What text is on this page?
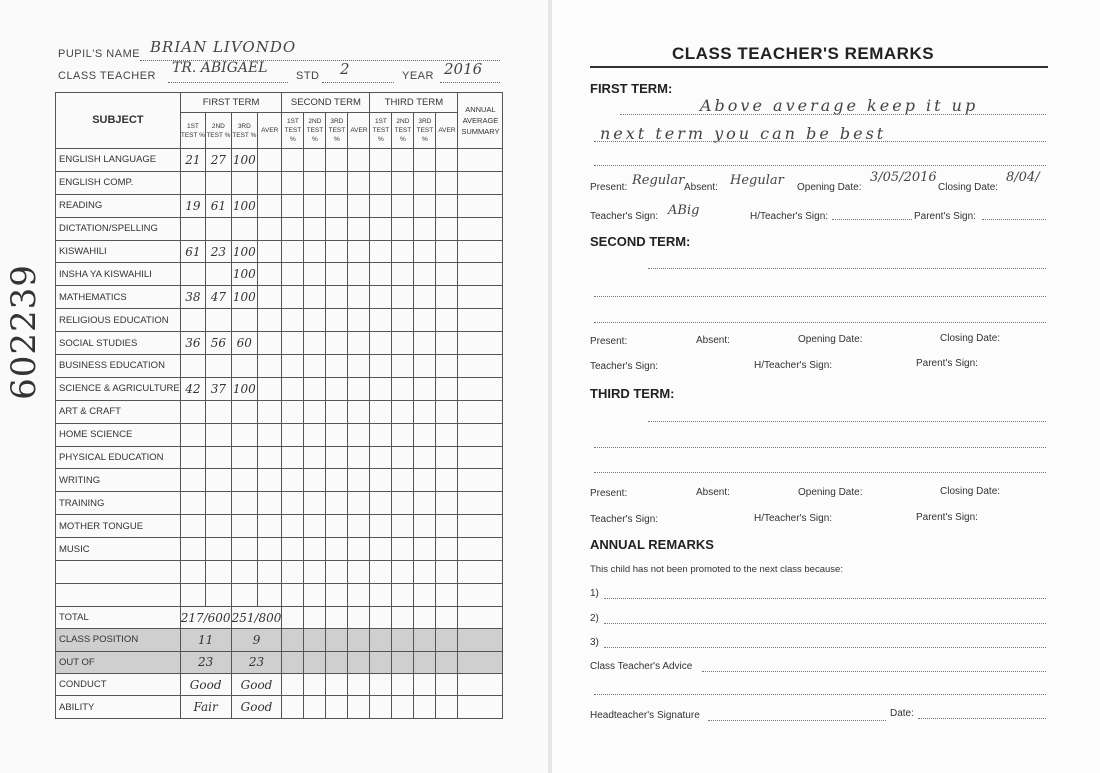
602239
PUPIL'S NAME BRIAN LIVONDO
CLASS TEACHER TR. ABIGAEL	STD 2	YEAR 2016
SUBJECT	FIRST TERM				SECOND TERM				THIRD TERM				ANNUAL AVERAGE SUMMARY
	1ST TEST %	2ND TEST %	3RD TEST %	AVER	1ST TEST %	2ND TEST %	3RD TEST %	AVER	1ST TEST %	2ND TEST %	3RD TEST %	AVER	
ENGLISH LANGUAGE	21	27	100										
ENGLISH COMP.													
READING	19	61	100										
DICTATION/SPELLING													
KISWAHILI	61	23	100										
INSHA YA KISWAHILI			100										
MATHEMATICS	38	47	100										
RELIGIOUS EDUCATION													
SOCIAL STUDIES	36	56	60										
BUSINESS EDUCATION													
SCIENCE & AGRICULTURE	42	37	100										
ART & CRAFT													
HOME SCIENCE													
PHYSICAL EDUCATION													
WRITING													
TRAINING													
MOTHER TONGUE													
MUSIC													

TOTAL	217/600		251/800										
CLASS POSITION	11		9										
OUT OF	23		23										
CONDUCT	Good		Good										
ABILITY	Fair		Good										
CLASS TEACHER'S REMARKS
FIRST TERM:
Above average keep it up
next term you can be best
Present: Regular Absent: Hegular Opening Date:
3/05/2016
Closing Date:
8/04/
Teacher's Sign: ABig	H/Teacher's Sign:	Parent's Sign:
SECOND TERM:
Present:	Absent:	Opening Date:	Closing Date:
Teacher's Sign:	H/Teacher's Sign:	Parent's Sign:
THIRD TERM:
Present:	Absent:	Opening Date:	Closing Date:
Teacher's Sign:	H/Teacher's Sign:	Parent's Sign:
ANNUAL REMARKS
This child has not been promoted to the next class because:
1)
2)
3)
Class Teacher's Advice
Headteacher's Signature	Date:
